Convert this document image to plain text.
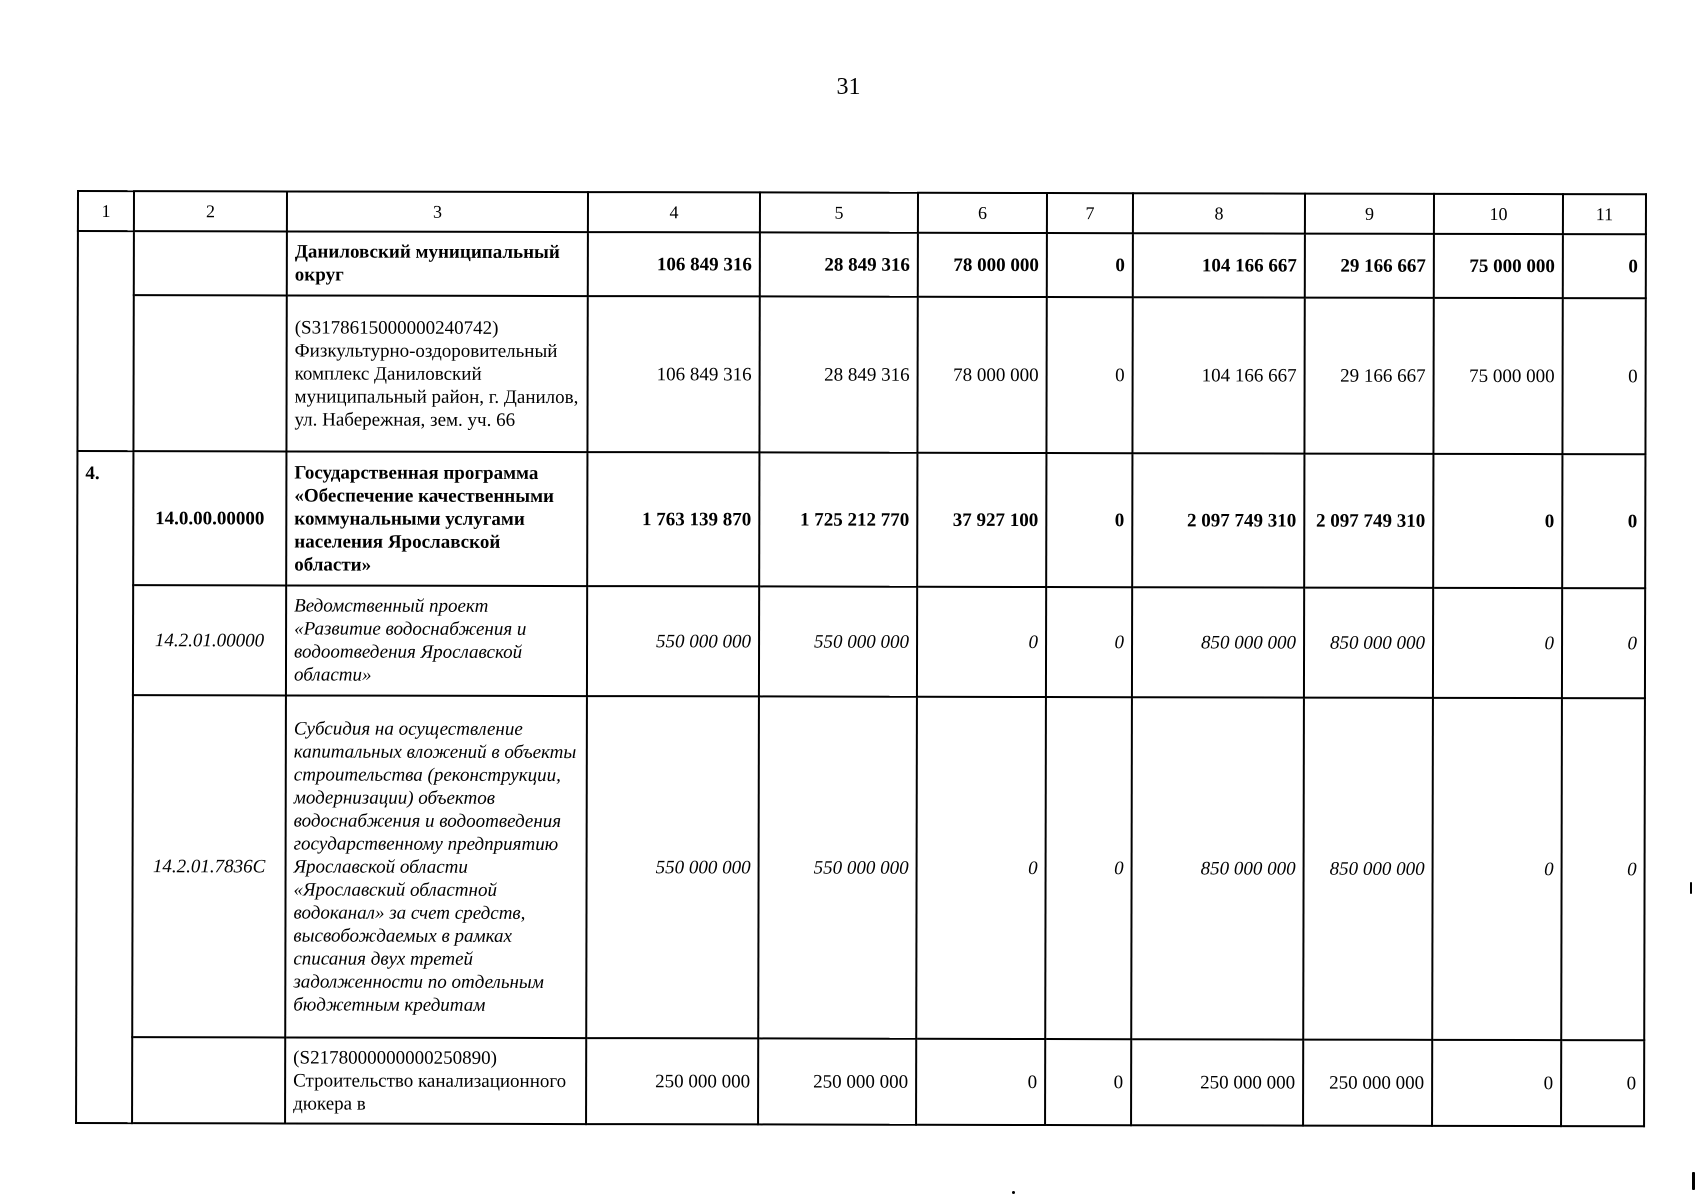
31
1	2	3	4	5	6	7	8	9	10	11
		Даниловский муниципальный округ	106 849 316	28 849 316	78 000 000	0	104 166 667	29 166 667	75 000 000	0
		(S3178615000000240742) Физкультурно-оздоровительный комплекс Даниловский муниципальный район, г. Данилов, ул. Набережная, зем. уч. 66	106 849 316	28 849 316	78 000 000	0	104 166 667	29 166 667	75 000 000	0
4.	14.0.00.00000	Государственная программа «Обеспечение качественными коммунальными услугами населения Ярославской области»	1 763 139 870	1 725 212 770	37 927 100	0	2 097 749 310	2 097 749 310	0	0
	14.2.01.00000	Ведомственный проект «Развитие водоснабжения и водоотведения Ярославской области»	550 000 000	550 000 000	0	0	850 000 000	850 000 000	0	0
	14.2.01.7836C	Субсидия на осуществление капитальных вложений в объекты строительства (реконструкции, модернизации) объектов водоснабжения и водоотведения государственному предприятию Ярославской области «Ярославский областной водоканал» за счет средств, высвобождаемых в рамках списания двух третей задолженности по отдельным бюджетным кредитам	550 000 000	550 000 000	0	0	850 000 000	850 000 000	0	0
		(S2178000000000250890) Строительство канализационного дюкера в	250 000 000	250 000 000	0	0	250 000 000	250 000 000	0	0
